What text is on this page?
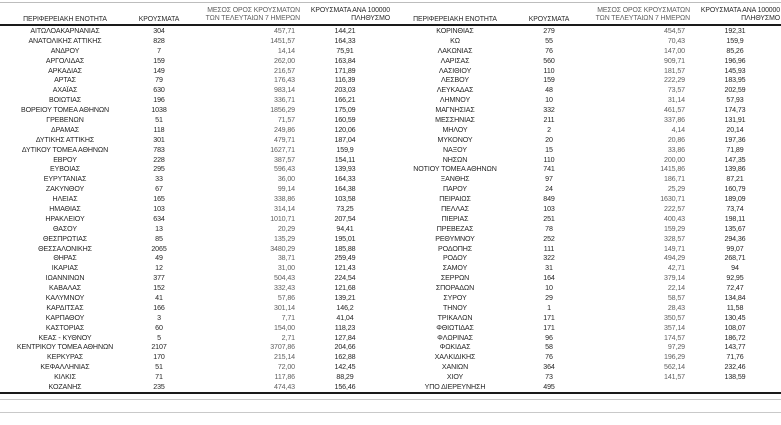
ΠΕΡΙΦΕΡΕΙΑΚΗ ΕΝΟΤΗΤΑ	ΚΡΟΥΣΜΑΤΑ
ΜΕΣΟΣ ΟΡΟΣ ΚΡΟΥΣΜΑΤΩΝ
ΤΩΝ ΤΕΛΕΥΤΑΙΩΝ 7 ΗΜΕΡΩΝ
ΚΡΟΥΣΜΑΤΑ ΑΝΑ 100000
ΠΛΗΘΥΣΜΟ
ΑΙΤΩΛΟΑΚΑΡΝΑΝΙΑΣ	304	457,71	144,21
ΑΝΑΤΟΛΙΚΗΣ ΑΤΤΙΚΗΣ	828	1451,57	164,33
ΑΝΔΡΟΥ	7	14,14	75,91
ΑΡΓΟΛΙΔΑΣ	159	262,00	163,84
ΑΡΚΑΔΙΑΣ	149	216,57	171,89
ΑΡΤΑΣ	79	176,43	116,39
ΑΧΑΪΑΣ	630	983,14	203,03
ΒΟΙΩΤΙΑΣ	196	336,71	166,21
ΒΟΡΕΙΟΥ ΤΟΜΕΑ ΑΘΗΝΩΝ	1038	1856,29	175,09
ΓΡΕΒΕΝΩΝ	51	71,57	160,59
ΔΡΑΜΑΣ	118	249,86	120,06
ΔΥΤΙΚΗΣ ΑΤΤΙΚΗΣ	301	479,71	187,04
ΔΥΤΙΚΟΥ ΤΟΜΕΑ ΑΘΗΝΩΝ	783	1627,71	159,9
ΕΒΡΟΥ	228	387,57	154,11
ΕΥΒΟΙΑΣ	295	596,43	139,93
ΕΥΡΥΤΑΝΙΑΣ	33	36,00	164,33
ΖΑΚΥΝΘΟΥ	67	99,14	164,38
ΗΛΕΙΑΣ	165	338,86	103,58
ΗΜΑΘΙΑΣ	103	314,14	73,25
ΗΡΑΚΛΕΙΟΥ	634	1010,71	207,54
ΘΑΣΟΥ	13	20,29	94,41
ΘΕΣΠΡΩΤΙΑΣ	85	135,29	195,01
ΘΕΣΣΑΛΟΝΙΚΗΣ	2065	3480,29	185,88
ΘΗΡΑΣ	49	38,71	259,49
ΙΚΑΡΙΑΣ	12	31,00	121,43
ΙΩΑΝΝΙΝΩΝ	377	504,43	224,54
ΚΑΒΑΛΑΣ	152	332,43	121,68
ΚΑΛΥΜΝΟΥ	41	57,86	139,21
ΚΑΡΔΙΤΣΑΣ	166	301,14	146,2
ΚΑΡΠΑΘΟΥ	3	7,71	41,04
ΚΑΣΤΟΡΙΑΣ	60	154,00	118,23
ΚΕΑΣ - ΚΥΘΝΟΥ	5	2,71	127,84
ΚΕΝΤΡΙΚΟΥ ΤΟΜΕΑ ΑΘΗΝΩΝ	2107	3707,86	204,66
ΚΕΡΚΥΡΑΣ	170	215,14	162,88
ΚΕΦΑΛΛΗΝΙΑΣ	51	72,00	142,45
ΚΙΛΚΙΣ	71	117,86	88,29
ΚΟΖΑΝΗΣ	235	474,43	156,46
ΠΕΡΙΦΕΡΕΙΑΚΗ ΕΝΟΤΗΤΑ	ΚΡΟΥΣΜΑΤΑ
ΜΕΣΟΣ ΟΡΟΣ ΚΡΟΥΣΜΑΤΩΝ
ΤΩΝ ΤΕΛΕΥΤΑΙΩΝ 7 ΗΜΕΡΩΝ
ΚΡΟΥΣΜΑΤΑ ΑΝΑ 100000
ΠΛΗΘΥΣΜΟ
ΚΟΡΙΝΘΙΑΣ	279	454,57	192,31
ΚΩ	55	70,43	159,9
ΛΑΚΩΝΙΑΣ	76	147,00	85,26
ΛΑΡΙΣΑΣ	560	909,71	196,96
ΛΑΣΙΘΙΟΥ	110	181,57	145,93
ΛΕΣΒΟΥ	159	222,29	183,95
ΛΕΥΚΑΔΑΣ	48	73,57	202,59
ΛΗΜΝΟΥ	10	31,14	57,93
ΜΑΓΝΗΣΙΑΣ	332	461,57	174,73
ΜΕΣΣΗΝΙΑΣ	211	337,86	131,91
ΜΗΛΟΥ	2	4,14	20,14
ΜΥΚΟΝΟΥ	20	20,86	197,36
ΝΑΞΟΥ	15	33,86	71,89
ΝΗΣΩΝ	110	200,00	147,35
ΝΟΤΙΟΥ ΤΟΜΕΑ ΑΘΗΝΩΝ	741	1415,86	139,86
ΞΑΝΘΗΣ	97	186,71	87,21
ΠΑΡΟΥ	24	25,29	160,79
ΠΕΙΡΑΙΩΣ	849	1630,71	189,09
ΠΕΛΛΑΣ	103	222,57	73,74
ΠΙΕΡΙΑΣ	251	400,43	198,11
ΠΡΕΒΕΖΑΣ	78	159,29	135,67
ΡΕΘΥΜΝΟΥ	252	328,57	294,36
ΡΟΔΟΠΗΣ	111	149,71	99,07
ΡΟΔΟΥ	322	494,29	268,71
ΣΑΜΟΥ	31	42,71	94
ΣΕΡΡΩΝ	164	379,14	92,95
ΣΠΟΡΑΔΩΝ	10	22,14	72,47
ΣΥΡΟΥ	29	58,57	134,84
ΤΗΝΟΥ	1	28,43	11,58
ΤΡΙΚΑΛΩΝ	171	350,57	130,45
ΦΘΙΩΤΙΔΑΣ	171	357,14	108,07
ΦΛΩΡΙΝΑΣ	96	174,57	186,72
ΦΩΚΙΔΑΣ	58	97,29	143,77
ΧΑΛΚΙΔΙΚΗΣ	76	196,29	71,76
ΧΑΝΙΩΝ	364	562,14	232,46
ΧΙΟΥ	73	141,57	138,59
ΥΠΟ ΔΙΕΡΕΥΝΗΣΗ	495
